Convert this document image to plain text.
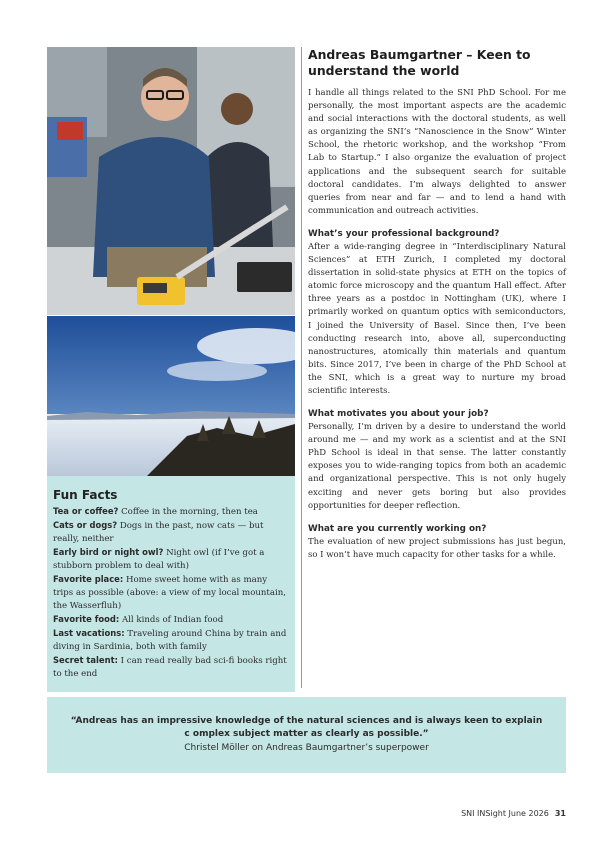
Fun Facts

Tea or coffee? Coffee in the morning, then tea

Cats or dogs? Dogs in the past, now cats — but really, neither

Early bird or night owl? Night owl (if I’ve got a stubborn problem to deal with)

Favorite place: Home sweet home with as many trips as possible (above: a view of my local mountain, the Wasserfluh)

Favorite food: All kinds of Indian food

Last vacations: Traveling around China by train and diving in Sardinia, both with family

Secret talent: I can read really bad sci-fi books right to the end

Andreas Baumgartner – Keen to understand the world

I handle all things related to the SNI PhD School. For me personally, the most important aspects are the academic and social interactions with the doctoral students, as well as organizing the SNI’s “Nanoscience in the Snow” Winter School, the rhetoric workshop, and the workshop “From Lab to Startup.” I also organize the evaluation of project applications and the subsequent search for suitable doctoral candidates. I’m always delighted to answer queries from near and far — and to lend a hand with communication and outreach activities.

What’s your professional background?

After a wide-ranging degree in “Interdisciplinary Natural Sciences” at ETH Zurich, I completed my doctoral dissertation in solid-state physics at ETH on the topics of atomic force microscopy and the quantum Hall effect. After three years as a postdoc in Nottingham (UK), where I primarily worked on quantum optics with semiconductors, I joined the University of Basel. Since then, I’ve been conducting research into, above all, superconducting nanostructures, atomically thin materials and quantum bits. Since 2017, I’ve been in charge of the PhD School at the SNI, which is a great way to nurture my broad scientific interests.

What motivates you about your job?

Personally, I’m driven by a desire to understand the world around me — and my work as a scientist and at the SNI PhD School is ideal in that sense. The latter constantly exposes you to wide-ranging topics from both an academic and organizational perspective. This is not only hugely exciting and never gets boring but also provides opportunities for deeper reflection.

What are you currently working on?

The evaluation of new project submissions has just begun, so I won’t have much capacity for other tasks for a while.

“Andreas has an impressive knowledge of the natural sciences and is always keen to explain c omplex subject matter as clearly as possible.”

Christel Möller on Andreas Baumgartner’s superpower

SNI INSight June 2026 31
